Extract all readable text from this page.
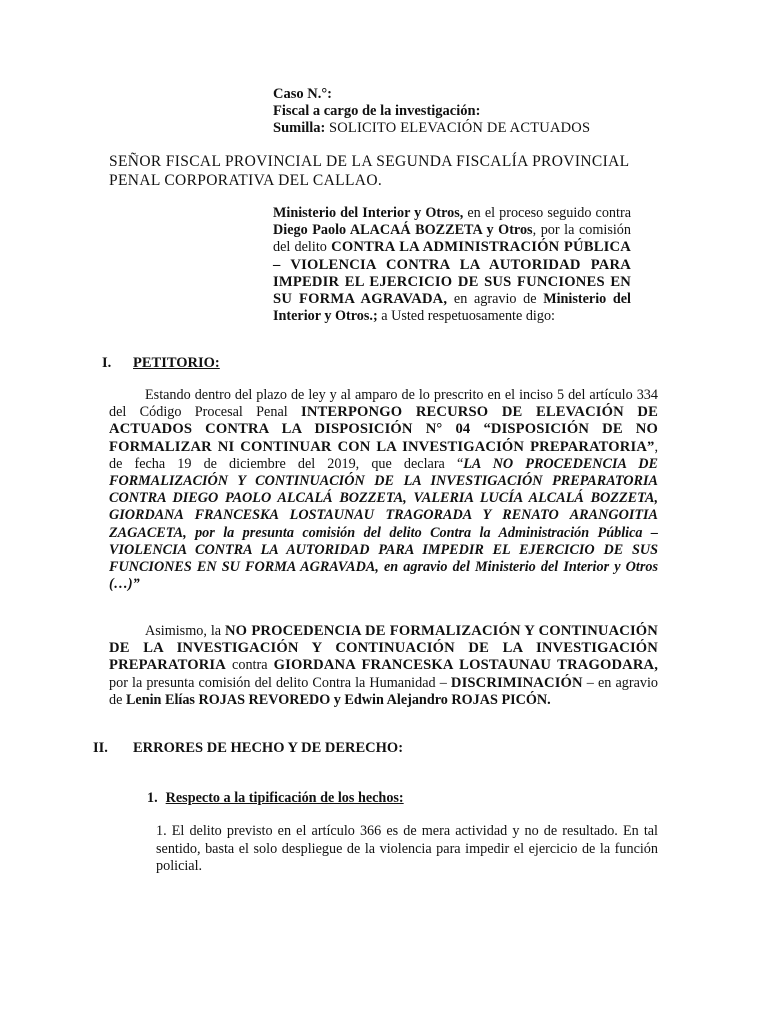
Caso N.°:
Fiscal a cargo de la investigación:
Sumilla: SOLICITO ELEVACIÓN DE ACTUADOS
SEÑOR FISCAL PROVINCIAL DE LA SEGUNDA FISCALÍA PROVINCIAL PENAL CORPORATIVA DEL CALLAO.
Ministerio del Interior y Otros, en el proceso seguido contra Diego Paolo ALACAÁ BOZZETA y Otros, por la comisión del delito CONTRA LA ADMINISTRACIÓN PÚBLICA – VIOLENCIA CONTRA LA AUTORIDAD PARA IMPEDIR EL EJERCICIO DE SUS FUNCIONES EN SU FORMA AGRAVADA, en agravio de Ministerio del Interior y Otros.; a Usted respetuosamente digo:
I. PETITORIO:
Estando dentro del plazo de ley y al amparo de lo prescrito en el inciso 5 del artículo 334 del Código Procesal Penal INTERPONGO RECURSO DE ELEVACIÓN DE ACTUADOS CONTRA LA DISPOSICIÓN N° 04 “DISPOSICIÓN DE NO FORMALIZAR NI CONTINUAR CON LA INVESTIGACIÓN PREPARATORIA”, de fecha 19 de diciembre del 2019, que declara “LA NO PROCEDENCIA DE FORMALIZACIÓN Y CONTINUACIÓN DE LA INVESTIGACIÓN PREPARATORIA CONTRA DIEGO PAOLO ALCALÁ BOZZETA, VALERIA LUCÍA ALCALÁ BOZZETA, GIORDANA FRANCESKA LOSTAUNAU TRAGORADA Y RENATO ARANGOITIA ZAGACETA, por la presunta comisión del delito Contra la Administración Pública – VIOLENCIA CONTRA LA AUTORIDAD PARA IMPEDIR EL EJERCICIO DE SUS FUNCIONES EN SU FORMA AGRAVADA, en agravio del Ministerio del Interior y Otros (…)”
Asimismo, la NO PROCEDENCIA DE FORMALIZACIÓN Y CONTINUACIÓN DE LA INVESTIGACIÓN Y CONTINUACIÓN DE LA INVESTIGACIÓN PREPARATORIA contra GIORDANA FRANCESKA LOSTAUNAU TRAGODARA, por la presunta comisión del delito Contra la Humanidad – DISCRIMINACIÓN – en agravio de Lenin Elías ROJAS REVOREDO y Edwin Alejandro ROJAS PICÓN.
II. ERRORES DE HECHO Y DE DERECHO:
1. Respecto a la tipificación de los hechos:
1. El delito previsto en el artículo 366 es de mera actividad y no de resultado. En tal sentido, basta el solo despliegue de la violencia para impedir el ejercicio de la función policial.
